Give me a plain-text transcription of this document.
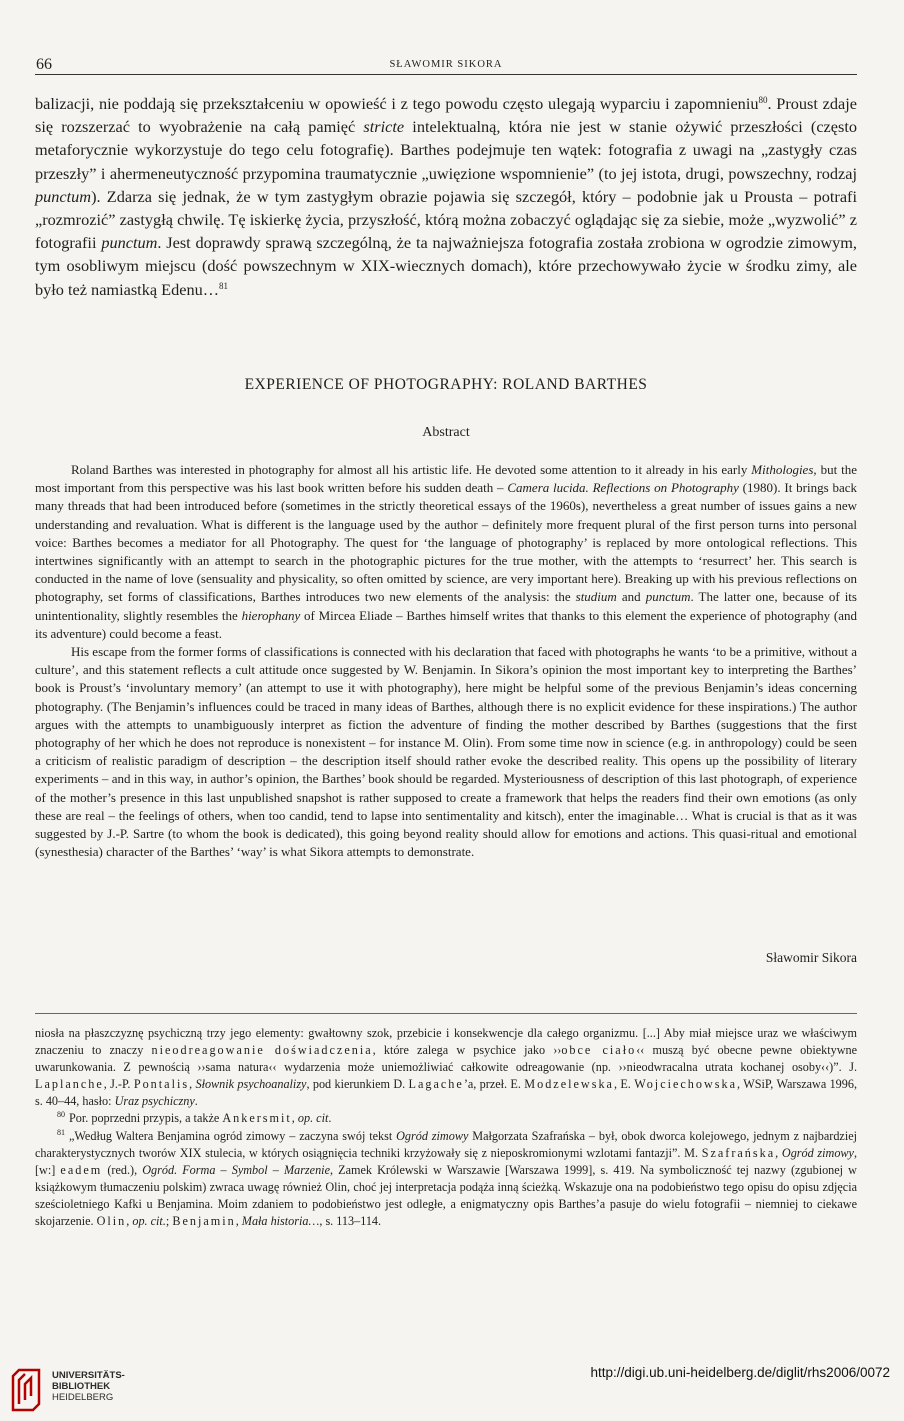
66	SŁAWOMIR SIKORA

balizacji, nie poddają się przekształceniu w opowieść i z tego powodu często ulegają wyparciu i zapomnieniu$^{80}$. Proust zdaje się rozszerzać to wyobrażenie na całą pamięć stricte intelektualną, która nie jest w stanie ożywić przeszłości (często metaforycznie wykorzystuje do tego celu fotografię). Barthes podejmuje ten wątek: fotografia z uwagi na „zastygły czas przeszły” i ahermeneutyczność przypomina traumatycznie „uwięzione wspomnienie” (to jej istota, drugi, powszechny, rodzaj punctum). Zdarza się jednak, że w tym zastygłym obrazie pojawia się szczegół, który – podobnie jak u Prousta – potrafi „rozmrozić” zastygłą chwilę. Tę iskierkę życia, przyszłość, którą można zobaczyć oglądając się za siebie, może „wyzwolić” z fotografii punctum. Jest doprawdy sprawą szczególną, że ta najważniejsza fotografia została zrobiona w ogrodzie zimowym, tym osobliwym miejscu (dość powszechnym w XIX-wiecznych domach), które przechowywało życie w środku zimy, ale było też namiastką Edenu…$^{81}$

EXPERIENCE OF PHOTOGRAPHY: ROLAND BARTHES
Abstract

Roland Barthes was interested in photography for almost all his artistic life. He devoted some attention to it already in his early Mithologies, but the most important from this perspective was his last book written before his sudden death – Camera lucida. Reflections on Photography (1980). It brings back many threads that had been introduced before (sometimes in the strictly theoretical essays of the 1960s), nevertheless a great number of issues gains a new understanding and revaluation. What is different is the language used by the author – definitely more frequent plural of the first person turns into personal voice: Barthes becomes a mediator for all Photography. The quest for ‘the language of photography’ is replaced by more ontological reflections. This intertwines significantly with an attempt to search in the photographic pictures for the true mother, with the attempts to ‘resurrect’ her. This search is conducted in the name of love (sensuality and physicality, so often omitted by science, are very important here). Breaking up with his previous reflections on photography, set forms of classifications, Barthes introduces two new elements of the analysis: the studium and punctum. The latter one, because of its unintentionality, slightly resembles the hierophany of Mircea Eliade – Barthes himself writes that thanks to this element the experience of photography (and its adventure) could become a feast.

His escape from the former forms of classifications is connected with his declaration that faced with photographs he wants ‘to be a primitive, without a culture’, and this statement reflects a cult attitude once suggested by W. Benjamin. In Sikora’s opinion the most important key to interpreting the Barthes’ book is Proust’s ‘involuntary memory’ (an attempt to use it with photography), here might be helpful some of the previous Benjamin’s ideas concerning photography. (The Benjamin’s influences could be traced in many ideas of Barthes, although there is no explicit evidence for these inspirations.) The author argues with the attempts to unambiguously interpret as fiction the adventure of finding the mother described by Barthes (suggestions that the first photography of her which he does not reproduce is nonexistent – for instance M. Olin). From some time now in science (e.g. in anthropology) could be seen a criticism of realistic paradigm of description – the description itself should rather evoke the described reality. This opens up the possibility of literary experiments – and in this way, in author’s opinion, the Barthes’ book should be regarded. Mysteriousness of description of this last photograph, of experience of the mother’s presence in this last unpublished snapshot is rather supposed to create a framework that helps the readers find their own emotions (as only these are real – the feelings of others, when too candid, tend to lapse into sentimentality and kitsch), enter the imaginable… What is crucial is that as it was suggested by J.-P. Sartre (to whom the book is dedicated), this going beyond reality should allow for emotions and actions. This quasi-ritual and emotional (synesthesia) character of the Barthes’ ‘way’ is what Sikora attempts to demonstrate.

Sławomir Sikora

niosła na płaszczyznę psychiczną trzy jego elementy: gwałtowny szok, przebicie i konsekwencje dla całego organizmu. [...] Aby miał miejsce uraz we właściwym znaczeniu to znaczy nieodreagowanie doświadczenia, które zalega w psychice jako ››obce ciało‹‹ muszą być obecne pewne obiektywne uwarunkowania. Z pewnością ››sama natura‹‹ wydarzenia może uniemożliwiać całkowite odreagowanie (np. ››nieodwracalna utrata kochanej osoby‹‹)”. J. Laplanche, J.-P. Pontalis, Słownik psychoanalizy, pod kierunkiem D. Lagache’a, przeł. E. Modzelewska, E. Wojciechowska, WSiP, Warszawa 1996, s. 40–44, hasło: Uraz psychiczny.

$^{80}$ Por. poprzedni przypis, a także Ankersmit, op. cit.

$^{81}$ „Według Waltera Benjamina ogród zimowy – zaczyna swój tekst Ogród zimowy Małgorzata Szafrańska – był, obok dworca kolejowego, jednym z najbardziej charakterystycznych tworów XIX stulecia, w których osiągnięcia techniki krzyżowały się z nieposkromionymi wzlotami fantazji”. M. Szafrańska, Ogród zimowy, [w:] eadem (red.), Ogród. Forma – Symbol – Marzenie, Zamek Królewski w Warszawie [Warszawa 1999], s. 419. Na symboliczność tej nazwy (zgubionej w książkowym tłumaczeniu polskim) zwraca uwagę również Olin, choć jej interpretacja podąża inną ścieżką. Wskazuje ona na podobieństwo tego opisu do opisu zdjęcia sześcioletniego Kafki u Benjamina. Moim zdaniem to podobieństwo jest odległe, a enigmatyczny opis Barthes’a pasuje do wielu fotografii – niemniej to ciekawe skojarzenie. Olin, op. cit.; Benjamin, Mała historia…, s. 113–114.

UNIVERSITÄTS-
BIBLIOTHEK
HEIDELBERG
http://digi.ub.uni-heidelberg.de/diglit/rhs2006/0072
